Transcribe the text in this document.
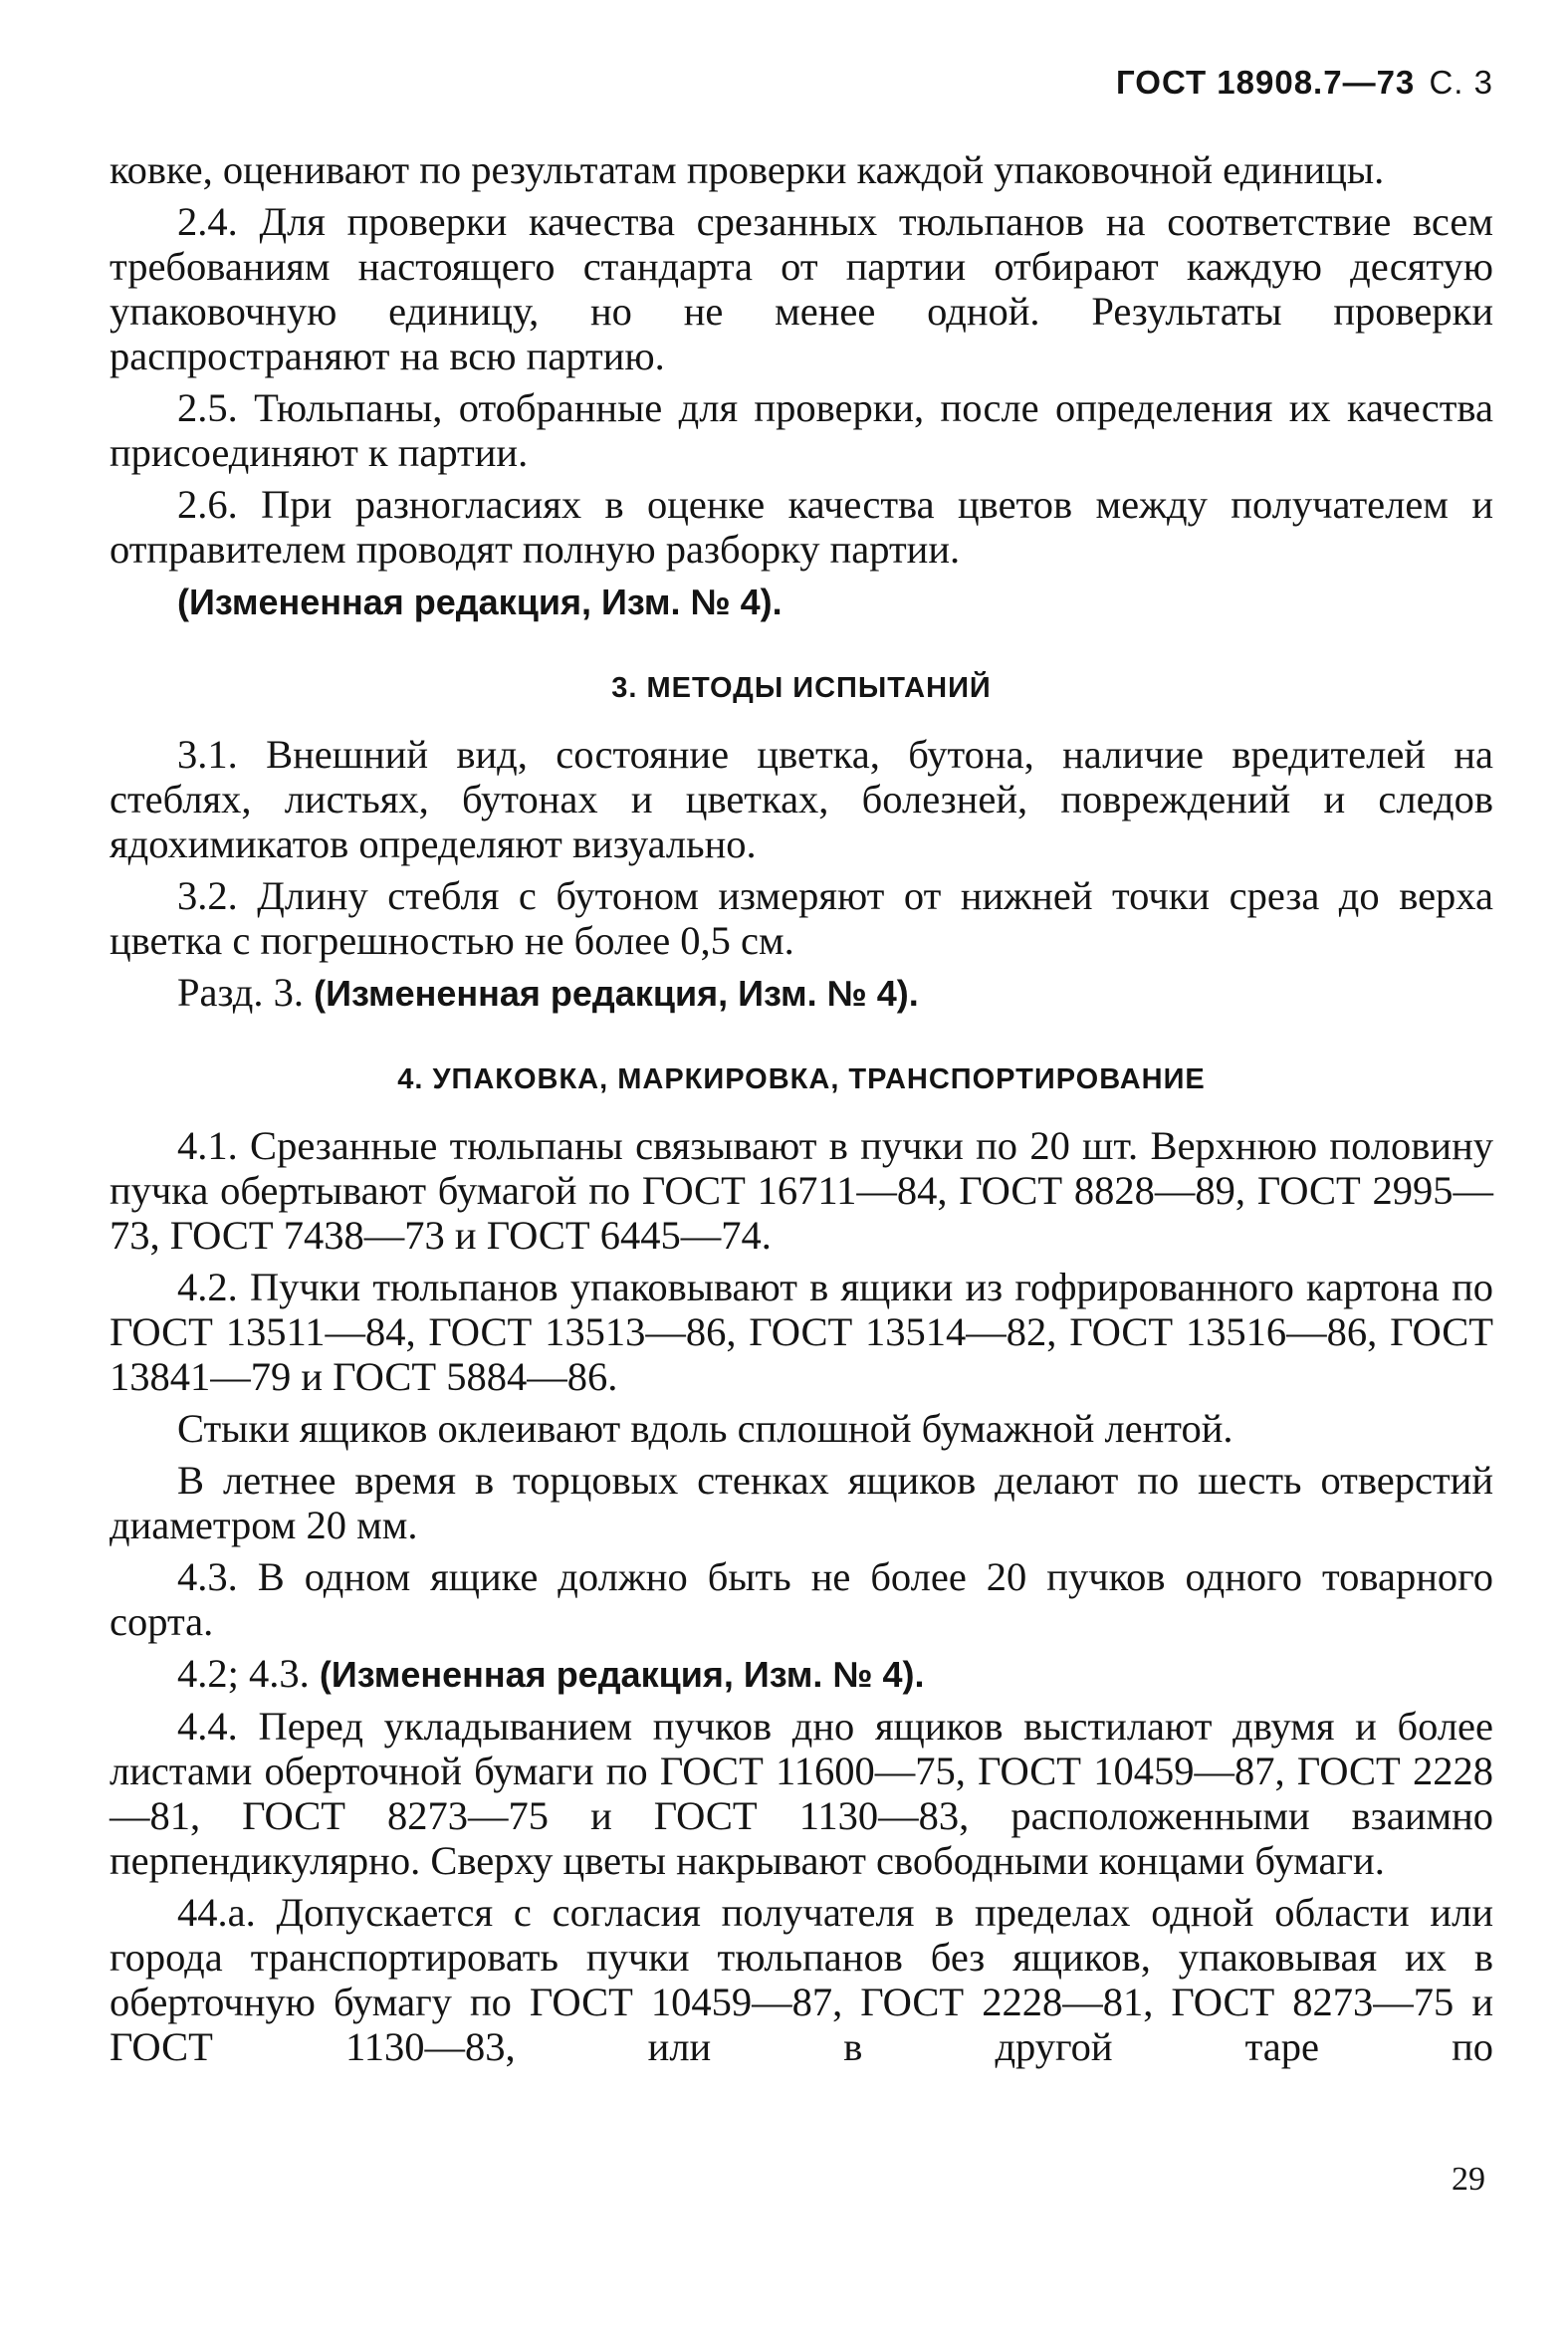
ГОСТ 18908.7—73 С. 3

ковке, оценивают по результатам проверки каждой упаковочной единицы.

2.4. Для проверки качества срезанных тюльпанов на соответствие всем требованиям настоящего стандарта от партии отбирают каждую десятую упаковочную единицу, но не менее одной. Результаты проверки распространяют на всю партию.

2.5. Тюльпаны, отобранные для проверки, после определения их качества присоединяют к партии.

2.6. При разногласиях в оценке качества цветов между получателем и отправителем проводят полную разборку партии.

(Измененная редакция, Изм. № 4).

3. МЕТОДЫ ИСПЫТАНИЙ

3.1. Внешний вид, состояние цветка, бутона, наличие вредителей на стеблях, листьях, бутонах и цветках, болезней, повреждений и следов ядохимикатов определяют визуально.

3.2. Длину стебля с бутоном измеряют от нижней точки среза до верха цветка с погрешностью не более 0,5 см.

Разд. 3. (Измененная редакция, Изм. № 4).

4. УПАКОВКА, МАРКИРОВКА, ТРАНСПОРТИРОВАНИЕ

4.1. Срезанные тюльпаны связывают в пучки по 20 шт. Верхнюю половину пучка обертывают бумагой по ГОСТ 16711—84, ГОСТ 8828—89, ГОСТ 2995—73, ГОСТ 7438—73 и ГОСТ 6445—74.

4.2. Пучки тюльпанов упаковывают в ящики из гофрированного картона по ГОСТ 13511—84, ГОСТ 13513—86, ГОСТ 13514—82, ГОСТ 13516—86, ГОСТ 13841—79 и ГОСТ 5884—86.

Стыки ящиков оклеивают вдоль сплошной бумажной лентой.

В летнее время в торцовых стенках ящиков делают по шесть отверстий диаметром 20 мм.

4.3. В одном ящике должно быть не более 20 пучков одного товарного сорта.

4.2; 4.3. (Измененная редакция, Изм. № 4).

4.4. Перед укладыванием пучков дно ящиков выстилают двумя и более листами оберточной бумаги по ГОСТ 11600—75, ГОСТ 10459—87, ГОСТ 2228—81, ГОСТ 8273—75 и ГОСТ 1130—83, расположенными взаимно перпендикулярно. Сверху цветы накрывают свободными концами бумаги.

44.а. Допускается с согласия получателя в пределах одной области или города транспортировать пучки тюльпанов без ящиков, упаковывая их в оберточную бумагу по ГОСТ 10459—87, ГОСТ 2228—81, ГОСТ 8273—75 и ГОСТ 1130—83, или в другой таре по

29
